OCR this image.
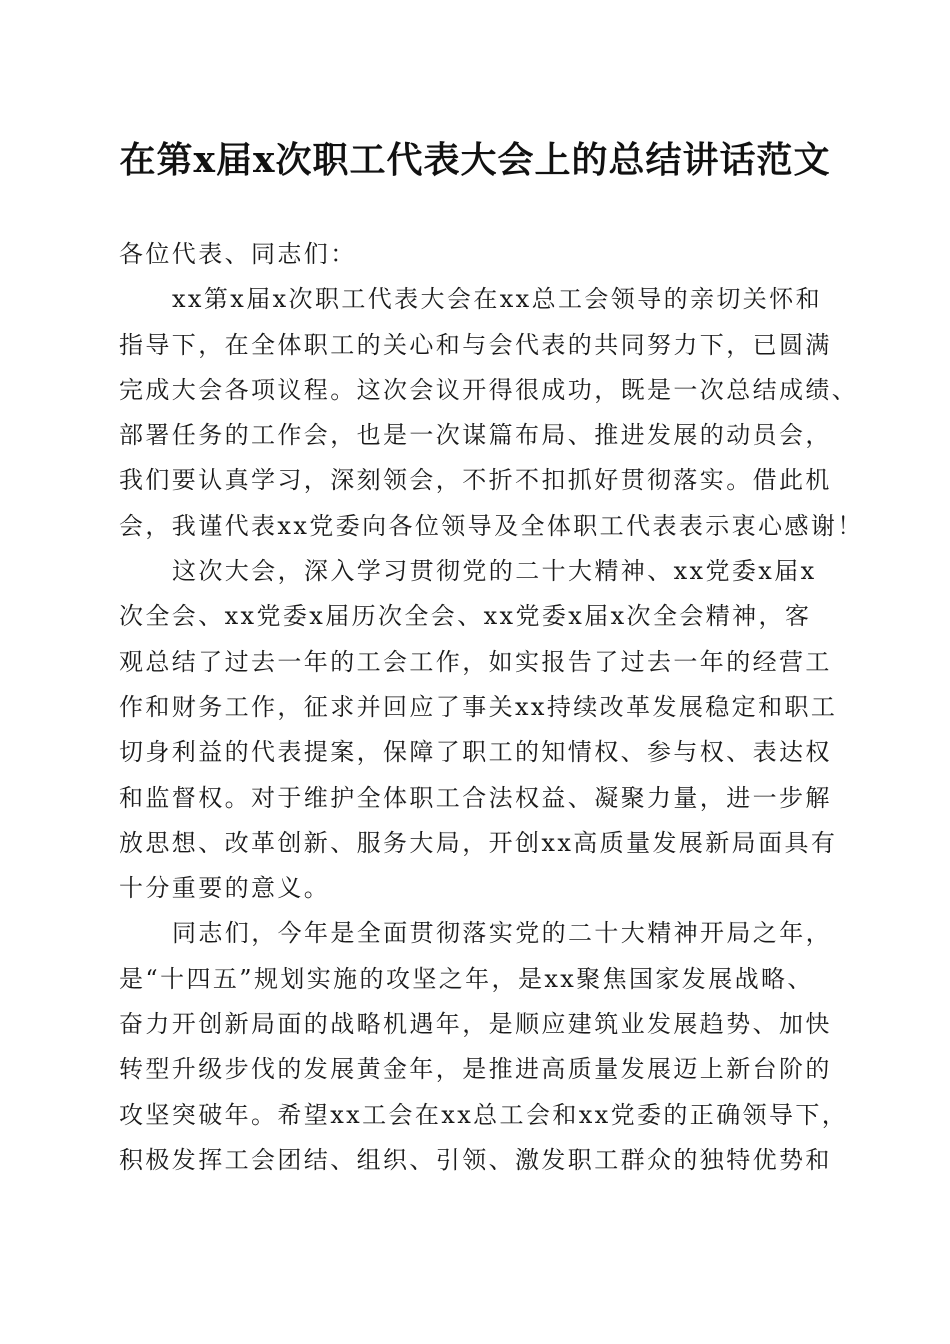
在第x届x次职工代表大会上的总结讲话范文
各位代表、同志们：
xx第x届x次职工代表大会在xx总工会领导的亲切关怀和
指导下，在全体职工的关心和与会代表的共同努力下，已圆满
完成大会各项议程。这次会议开得很成功，既是一次总结成绩、
部署任务的工作会，也是一次谋篇布局、推进发展的动员会，
我们要认真学习，深刻领会，不折不扣抓好贯彻落实。借此机
会，我谨代表xx党委向各位领导及全体职工代表表示衷心感谢！
这次大会，深入学习贯彻党的二十大精神、xx党委x届x
次全会、xx党委x届历次全会、xx党委x届x次全会精神，客
观总结了过去一年的工会工作，如实报告了过去一年的经营工
作和财务工作，征求并回应了事关xx持续改革发展稳定和职工
切身利益的代表提案，保障了职工的知情权、参与权、表达权
和监督权。对于维护全体职工合法权益、凝聚力量，进一步解
放思想、改革创新、服务大局，开创xx高质量发展新局面具有
十分重要的意义。
同志们，今年是全面贯彻落实党的二十大精神开局之年，
是“十四五”规划实施的攻坚之年，是xx聚焦国家发展战略、
奋力开创新局面的战略机遇年，是顺应建筑业发展趋势、加快
转型升级步伐的发展黄金年，是推进高质量发展迈上新台阶的
攻坚突破年。希望xx工会在xx总工会和xx党委的正确领导下，
积极发挥工会团结、组织、引领、激发职工群众的独特优势和
